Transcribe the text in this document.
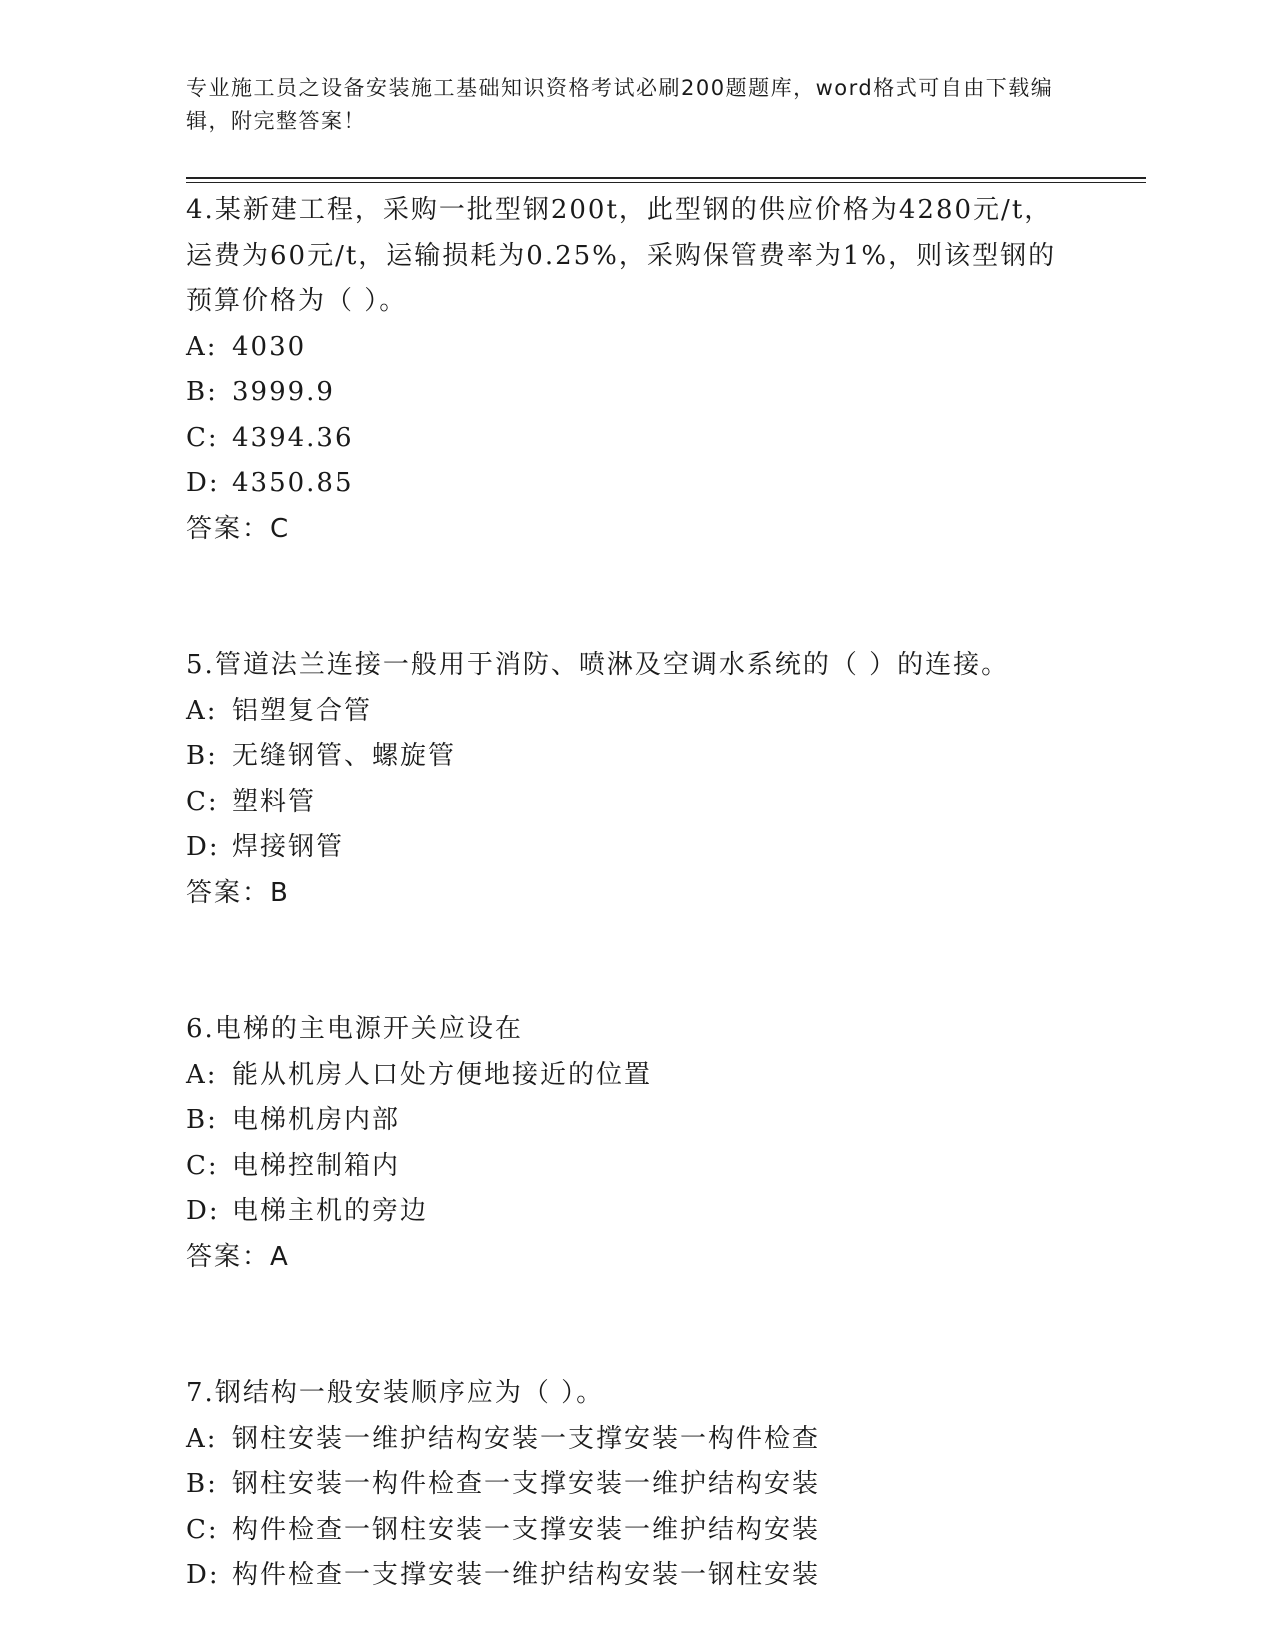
专业施工员之设备安装施工基础知识资格考试必刷200题题库，word格式可自由下载编辑，附完整答案！

4.某新建工程，采购一批型钢200t，此型钢的供应价格为4280元/t，运费为60元/t，运输损耗为0.25%，采购保管费率为1%，则该型钢的预算价格为（ ）。

A: 4030

B: 3999.9

C: 4394.36

D: 4350.85

答案：C

5.管道法兰连接一般用于消防、喷淋及空调水系统的（ ）的连接。

A: 铝塑复合管

B: 无缝钢管、螺旋管

C: 塑料管

D: 焊接钢管

答案：B

6.电梯的主电源开关应设在

A: 能从机房人口处方便地接近的位置

B: 电梯机房内部

C: 电梯控制箱内

D: 电梯主机的旁边

答案：A

7.钢结构一般安装顺序应为（ ）。

A: 钢柱安装一维护结构安装一支撑安装一构件检查

B: 钢柱安装一构件检查一支撑安装一维护结构安装

C: 构件检查一钢柱安装一支撑安装一维护结构安装

D: 构件检查一支撑安装一维护结构安装一钢柱安装
